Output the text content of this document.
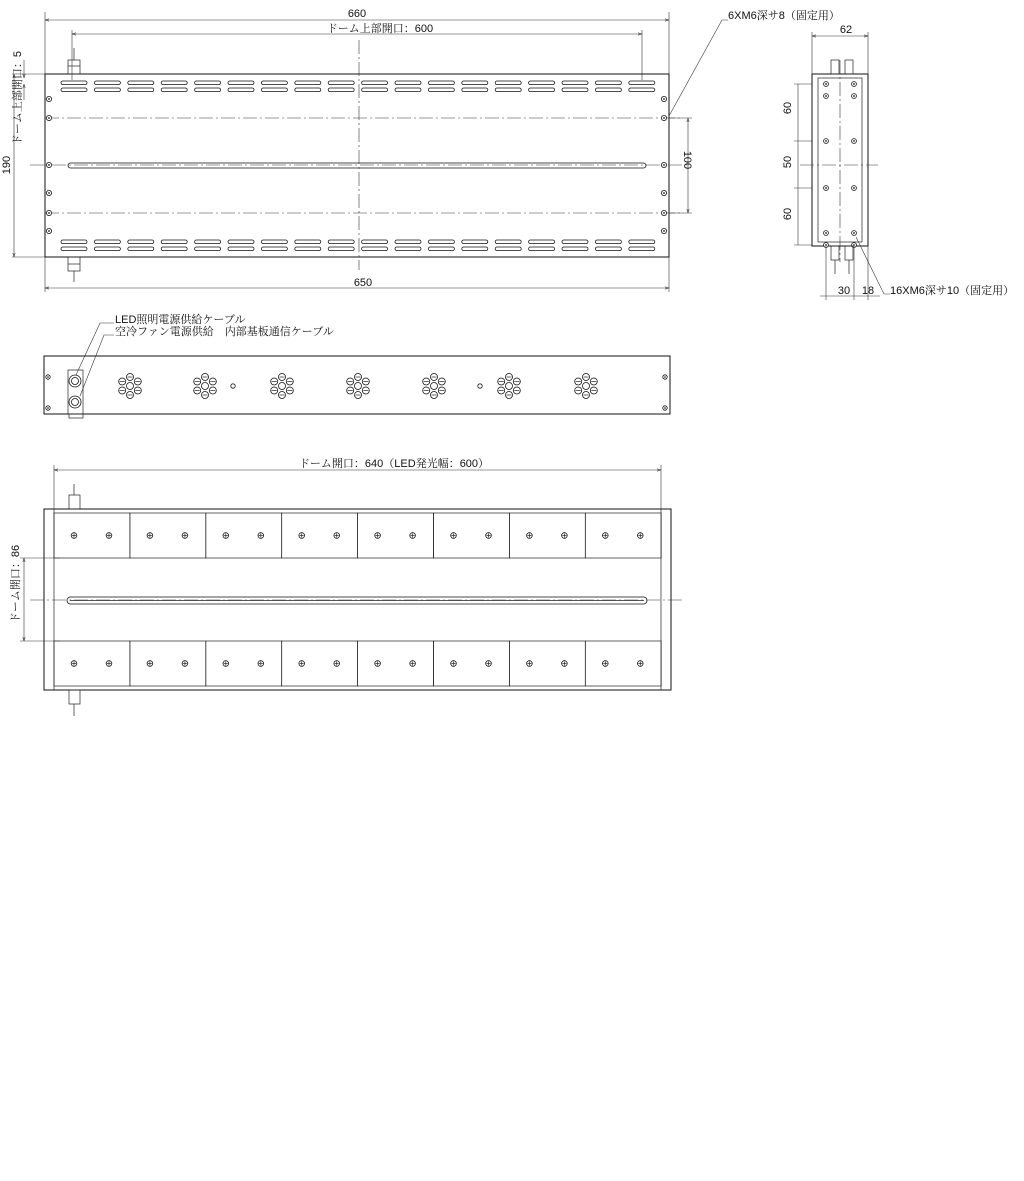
660
ドーム上部開口：600
650
190
ドーム上部開口：5
100
6XM6深サ8（固定用）
62
60
50
60
30 18 16XM6深サ10（固定用）
LED照明電源供給ケーブル
空冷ファン電源供給　内部基板通信ケーブル
ドーム開口：640（LED発光幅：600）
ドーム開口：86
